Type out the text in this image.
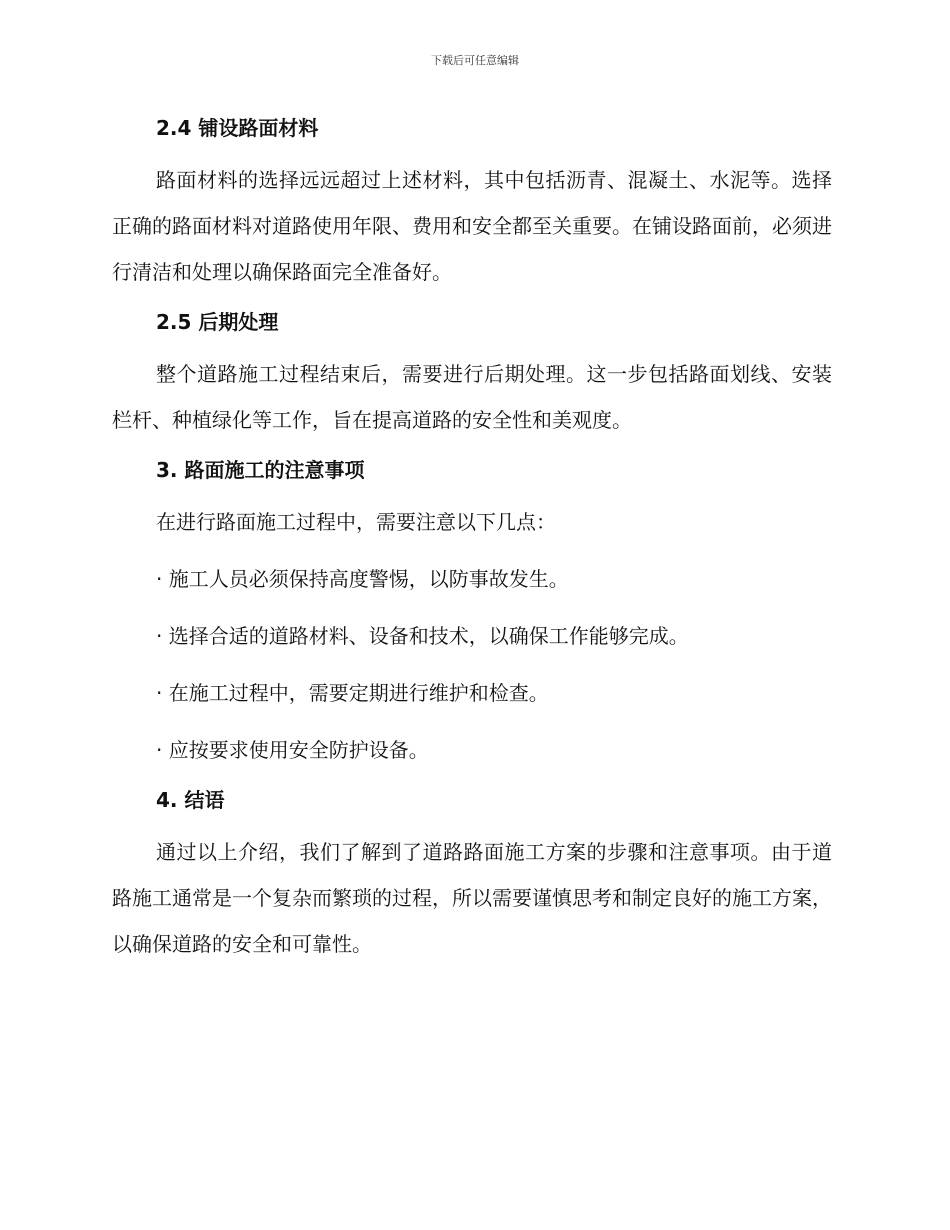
下载后可任意编辑
2.4 铺设路面材料

路面材料的选择远远超过上述材料，其中包括沥青、混凝土、水泥等。选择正确的路面材料对道路使用年限、费用和安全都至关重要。在铺设路面前，必须进行清洁和处理以确保路面完全准备好。

2.5 后期处理

整个道路施工过程结束后，需要进行后期处理。这一步包括路面划线、安装栏杆、种植绿化等工作，旨在提高道路的安全性和美观度。

3. 路面施工的注意事项

在进行路面施工过程中，需要注意以下几点：

· 施工人员必须保持高度警惕，以防事故发生。

· 选择合适的道路材料、设备和技术，以确保工作能够完成。

· 在施工过程中，需要定期进行维护和检查。

· 应按要求使用安全防护设备。

4. 结语

通过以上介绍，我们了解到了道路路面施工方案的步骤和注意事项。由于道路施工通常是一个复杂而繁琐的过程，所以需要谨慎思考和制定良好的施工方案，以确保道路的安全和可靠性。
